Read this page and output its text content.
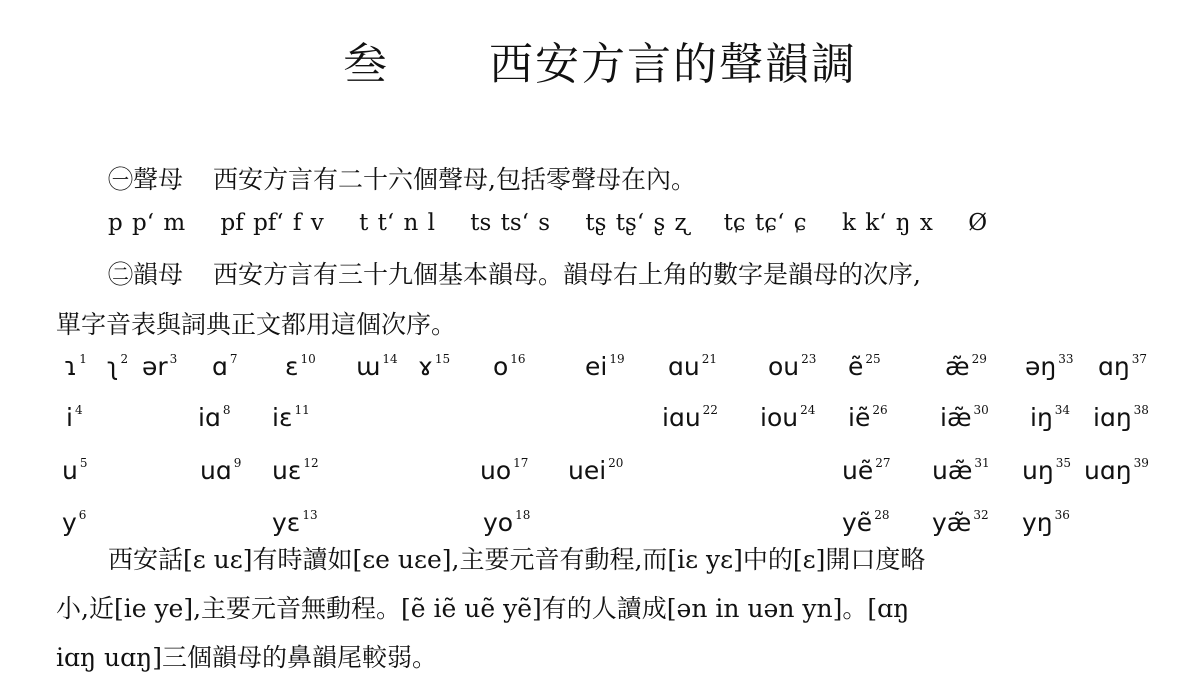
叁 西安方言的聲韻調
㊀聲母 西安方言有二十六個聲母,包括零聲母在內。
p p‘ m pf pf‘ f v t t‘ n l ts ts‘ s tʂ tʂ‘ ʂ ʐ tɕ tɕ‘ ɕ k k‘ ŋ x Ø
㊁韻母 西安方言有三十九個基本韻母。韻母右上角的數字是韻母的次序,
單字音表與詞典正文都用這個次序。
ɿ $^1$ ʅ $^2$ ər $^3$
i $^4$
u $^5$
y $^6$
ɑ $^7$
iɑ $^8$
uɑ $^9$
ɛ $^{10}$
iɛ $^{11}$
uɛ $^{12}$
yɛ $^{13}$
ɯ $^{14}$ ɤ $^{15}$ o $^{16}$
uo $^{17}$
yo $^{18}$
ei $^{19}$
uei $^{20}$
ɑu $^{21}$
iɑu $^{22}$
ou $^{23}$
iou $^{24}$
ẽ $^{25}$
iẽ $^{26}$
uẽ $^{27}$
yẽ $^{28}$
æ̃ $^{29}$
iæ̃ $^{30}$
uæ̃ $^{31}$
yæ̃ $^{32}$
əŋ $^{33}$
iŋ $^{34}$
uŋ $^{35}$
yŋ $^{36}$
ɑŋ $^{37}$
iɑŋ $^{38}$
uɑŋ $^{39}$
西安話[ɛ uɛ]有時讀如[ɛe uɛe],主要元音有動程,而[iɛ yɛ]中的[ɛ]開口度略
小,近[ie ye],主要元音無動程。[ẽ iẽ uẽ yẽ]有的人讀成[ən in uən yn]。[ɑŋ
iɑŋ uɑŋ]三個韻母的鼻韻尾較弱。
